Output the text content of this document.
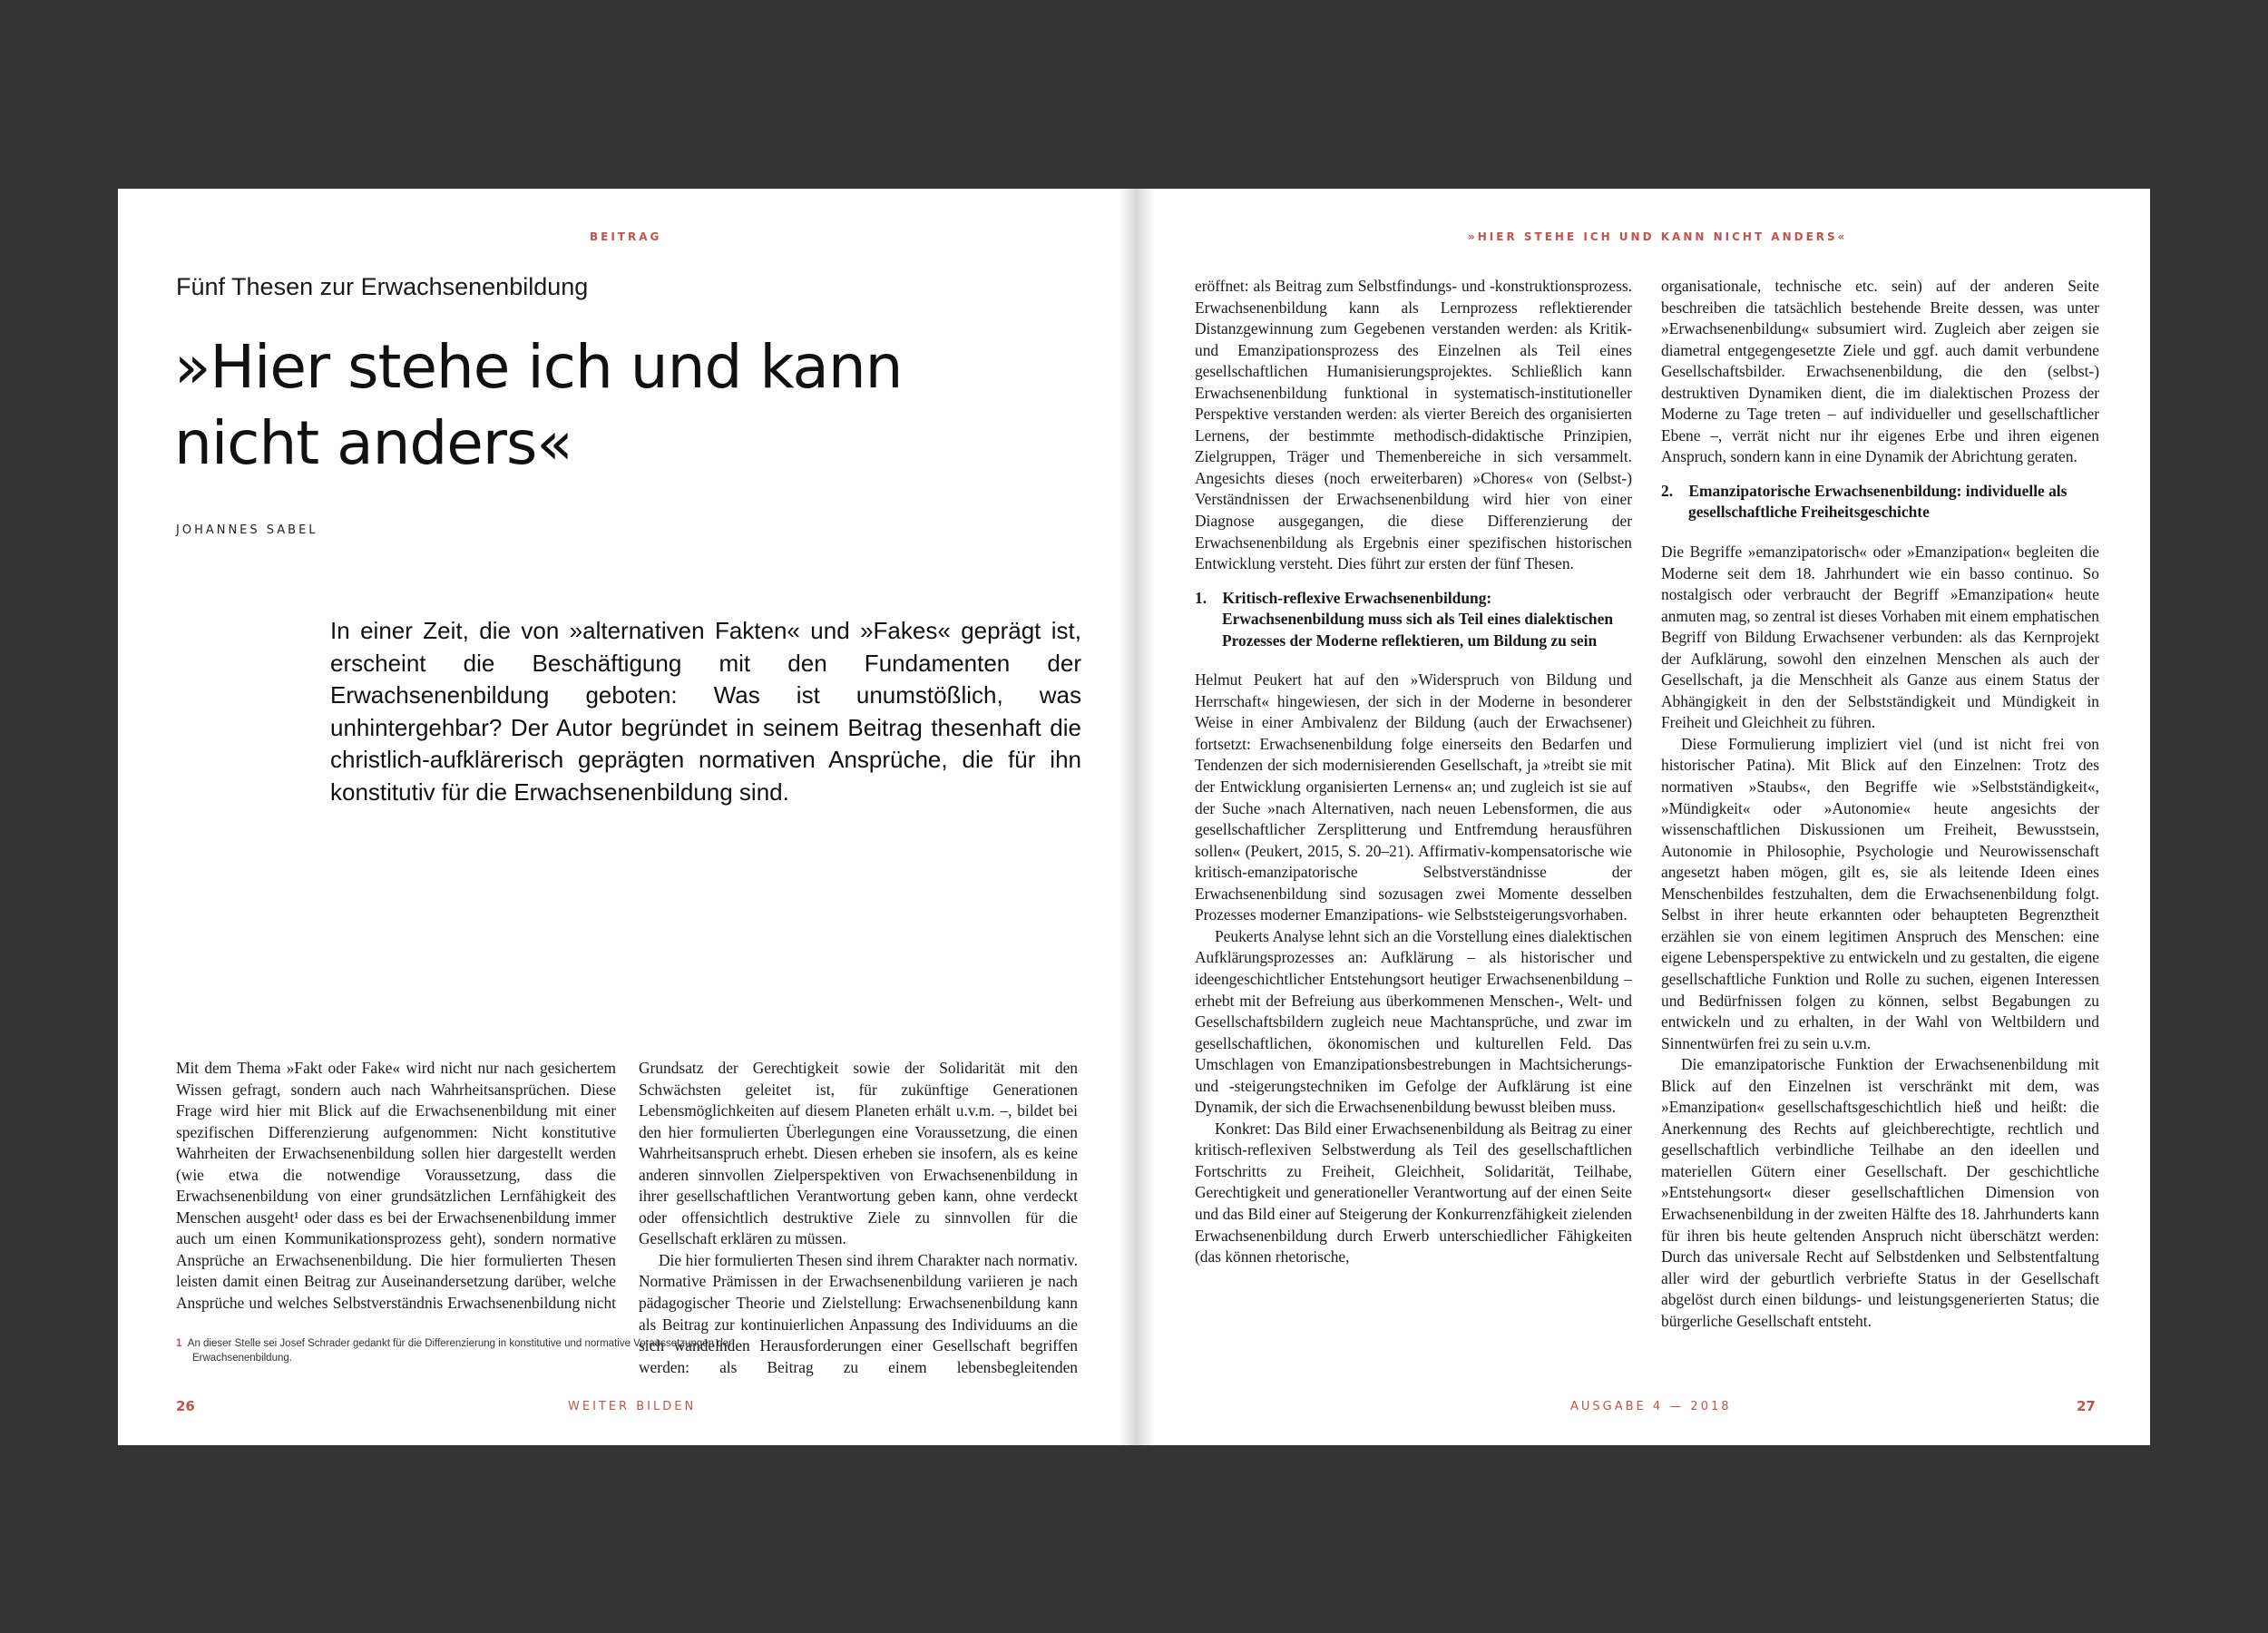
BEITRAG
Fünf Thesen zur Erwachsenenbildung
»Hier stehe ich und kann nicht anders«
JOHANNES SABEL

In einer Zeit, die von »alternativen Fakten« und »Fakes« geprägt ist, erscheint die Beschäftigung mit den Fundamenten der Erwachsenenbildung geboten: Was ist unumstößlich, was unhintergehbar? Der Autor begründet in seinem Beitrag thesenhaft die christlich-aufklärerisch geprägten normativen Ansprüche, die für ihn konstitutiv für die Erwachsenenbildung sind.

Mit dem Thema »Fakt oder Fake« wird nicht nur nach gesichertem Wissen gefragt, sondern auch nach Wahrheitsansprüchen. Diese Frage wird hier mit Blick auf die Erwachsenenbildung mit einer spezifischen Differenzierung aufgenommen: Nicht konstitutive Wahrheiten der Erwachsenenbildung sollen hier dargestellt werden (wie etwa die notwendige Voraussetzung, dass die Erwachsenenbildung von einer grundsätzlichen Lernfähigkeit des Menschen ausgeht¹ oder dass es bei der Erwachsenenbildung immer auch um einen Kommunikationsprozess geht), sondern normative Ansprüche an Erwachsenenbildung. Die hier formulierten Thesen leisten damit einen Beitrag zur Auseinandersetzung darüber, welche Ansprüche und welches Selbstverständnis Erwachsenenbildung nicht

Grundsatz der Gerechtigkeit sowie der Solidarität mit den Schwächsten geleitet ist, für zukünftige Generationen Lebensmöglichkeiten auf diesem Planeten erhält u.v.m. –, bildet bei den hier formulierten Überlegungen eine Voraussetzung, die einen Wahrheitsanspruch erhebt. Diesen erheben sie insofern, als es keine anderen sinnvollen Zielperspektiven von Erwachsenenbildung in ihrer gesellschaftlichen Verantwortung geben kann, ohne verdeckt oder offensichtlich destruktive Ziele zu sinnvollen für die Gesellschaft erklären zu müssen.

Die hier formulierten Thesen sind ihrem Charakter nach normativ. Normative Prämissen in der Erwachsenenbildung variieren je nach pädagogischer Theorie und Zielstellung: Erwachsenenbildung kann als Beitrag zur kontinuierlichen Anpassung des Individuums an die sich wandelnden Herausforderungen einer Gesellschaft begriffen werden: als Beitrag zu einem lebensbegleitenden

1 An dieser Stelle sei Josef Schrader gedankt für die Differenzierung in konstitutive und normative Voraussetzungen der Erwachsenenbildung.
26	WEITER BILDEN
»HIER STEHE ICH UND KANN NICHT ANDERS«

eröffnet: als Beitrag zum Selbstfindungs- und -konstruktionsprozess. Erwachsenenbildung kann als Lernprozess reflektierender Distanzgewinnung zum Gegebenen verstanden werden: als Kritik- und Emanzipationsprozess des Einzelnen als Teil eines gesellschaftlichen Humanisierungsprojektes. Schließlich kann Erwachsenenbildung funktional in systematisch-institutioneller Perspektive verstanden werden: als vierter Bereich des organisierten Lernens, der bestimmte methodisch-didaktische Prinzipien, Zielgruppen, Träger und Themenbereiche in sich versammelt. Angesichts dieses (noch erweiterbaren) »Chores« von (Selbst-) Verständnissen der Erwachsenenbildung wird hier von einer Diagnose ausgegangen, die diese Differenzierung der Erwachsenenbildung als Ergebnis einer spezifischen historischen Entwicklung versteht. Dies führt zur ersten der fünf Thesen.

1. Kritisch-reflexive Erwachsenenbildung: Erwachsenenbildung muss sich als Teil eines dialektischen Prozesses der Moderne reflektieren, um Bildung zu sein

Helmut Peukert hat auf den »Widerspruch von Bildung und Herrschaft« hingewiesen, der sich in der Moderne in besonderer Weise in einer Ambivalenz der Bildung (auch der Erwachsener) fortsetzt: Erwachsenenbildung folge einerseits den Bedarfen und Tendenzen der sich modernisierenden Gesellschaft, ja »treibt sie mit der Entwicklung organisierten Lernens« an; und zugleich ist sie auf der Suche »nach Alternativen, nach neuen Lebensformen, die aus gesellschaftlicher Zersplitterung und Entfremdung herausführen sollen« (Peukert, 2015, S. 20–21). Affirmativ-kompensatorische wie kritisch-emanzipatorische Selbstverständnisse der Erwachsenenbildung sind sozusagen zwei Momente desselben Prozesses moderner Emanzipations- wie Selbststeigerungsvorhaben.

Peukerts Analyse lehnt sich an die Vorstellung eines dialektischen Aufklärungsprozesses an: Aufklärung – als historischer und ideengeschichtlicher Entstehungsort heutiger Erwachsenenbildung – erhebt mit der Befreiung aus überkommenen Menschen-, Welt- und Gesellschaftsbildern zugleich neue Machtansprüche, und zwar im gesellschaftlichen, ökonomischen und kulturellen Feld. Das Umschlagen von Emanzipationsbestrebungen in Machtsicherungs- und -steigerungstechniken im Gefolge der Aufklärung ist eine Dynamik, der sich die Erwachsenenbildung bewusst bleiben muss.

Konkret: Das Bild einer Erwachsenenbildung als Beitrag zu einer kritisch-reflexiven Selbstwerdung als Teil des gesellschaftlichen Fortschritts zu Freiheit, Gleichheit, Solidarität, Teilhabe, Gerechtigkeit und generationeller Verantwortung auf der einen Seite und das Bild einer auf Steigerung der Konkurrenzfähigkeit zielenden Erwachsenenbildung durch Erwerb unterschiedlicher Fähigkeiten (das können rhetorische,

organisationale, technische etc. sein) auf der anderen Seite beschreiben die tatsächlich bestehende Breite dessen, was unter »Erwachsenenbildung« subsumiert wird. Zugleich aber zeigen sie diametral entgegengesetzte Ziele und ggf. auch damit verbundene Gesellschaftsbilder. Erwachsenenbildung, die den (selbst-) destruktiven Dynamiken dient, die im dialektischen Prozess der Moderne zu Tage treten – auf individueller und gesellschaftlicher Ebene –, verrät nicht nur ihr eigenes Erbe und ihren eigenen Anspruch, sondern kann in eine Dynamik der Abrichtung geraten.

2. Emanzipatorische Erwachsenenbildung: individuelle als gesellschaftliche Freiheitsgeschichte

Die Begriffe »emanzipatorisch« oder »Emanzipation« begleiten die Moderne seit dem 18. Jahrhundert wie ein basso continuo. So nostalgisch oder verbraucht der Begriff »Emanzipation« heute anmuten mag, so zentral ist dieses Vorhaben mit einem emphatischen Begriff von Bildung Erwachsener verbunden: als das Kernprojekt der Aufklärung, sowohl den einzelnen Menschen als auch der Gesellschaft, ja die Menschheit als Ganze aus einem Status der Abhängigkeit in den der Selbstständigkeit und Mündigkeit in Freiheit und Gleichheit zu führen.

Diese Formulierung impliziert viel (und ist nicht frei von historischer Patina). Mit Blick auf den Einzelnen: Trotz des normativen »Staubs«, den Begriffe wie »Selbstständigkeit«, »Mündigkeit« oder »Autonomie« heute angesichts der wissenschaftlichen Diskussionen um Freiheit, Bewusstsein, Autonomie in Philosophie, Psychologie und Neurowissenschaft angesetzt haben mögen, gilt es, sie als leitende Ideen eines Menschenbildes festzuhalten, dem die Erwachsenenbildung folgt. Selbst in ihrer heute erkannten oder behaupteten Begrenztheit erzählen sie von einem legitimen Anspruch des Menschen: eine eigene Lebensperspektive zu entwickeln und zu gestalten, die eigene gesellschaftliche Funktion und Rolle zu suchen, eigenen Interessen und Bedürfnissen folgen zu können, selbst Begabungen zu entwickeln und zu erhalten, in der Wahl von Weltbildern und Sinnentwürfen frei zu sein u.v.m.

Die emanzipatorische Funktion der Erwachsenenbildung mit Blick auf den Einzelnen ist verschränkt mit dem, was »Emanzipation« gesellschaftsgeschichtlich hieß und heißt: die Anerkennung des Rechts auf gleichberechtigte, rechtlich und gesellschaftlich verbindliche Teilhabe an den ideellen und materiellen Gütern einer Gesellschaft. Der geschichtliche »Entstehungsort« dieser gesellschaftlichen Dimension von Erwachsenenbildung in der zweiten Hälfte des 18. Jahrhunderts kann für ihren bis heute geltenden Anspruch nicht überschätzt werden: Durch das universale Recht auf Selbstdenken und Selbstentfaltung aller wird der geburtlich verbriefte Status in der Gesellschaft abgelöst durch einen bildungs- und leistungsgenerierten Status; die bürgerliche Gesellschaft entsteht.

AUSGABE 4 — 2018	27
